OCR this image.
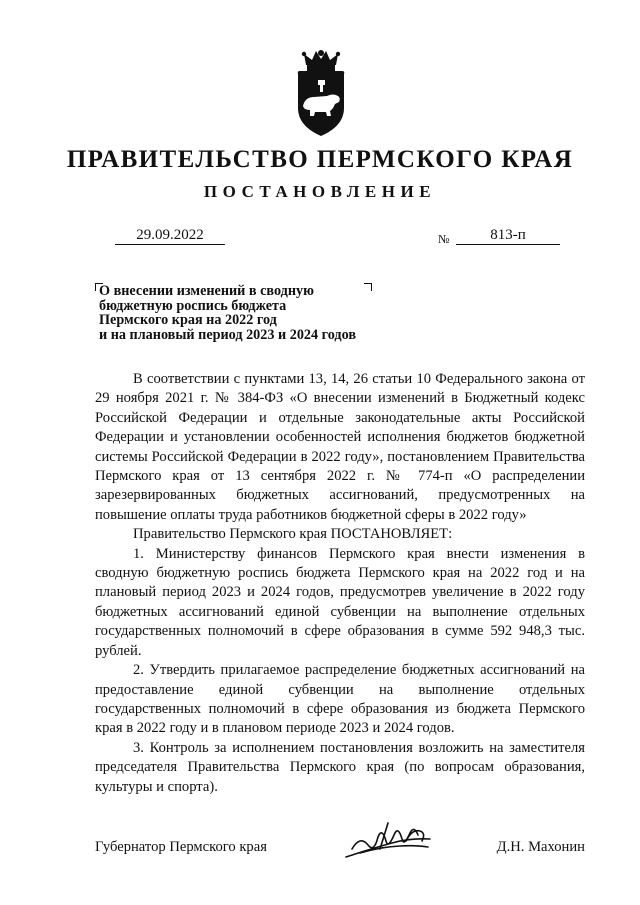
ПРАВИТЕЛЬСТВО ПЕРМСКОГО КРАЯ
ПОСТАНОВЛЕНИЕ
29.09.2022	№	813-п
О внесении изменений в сводную
бюджетную роспись бюджета
Пермского края на 2022 год
и на плановый период 2023 и 2024 годов

В соответствии с пунктами 13, 14, 26 статьи 10 Федерального закона от 29 ноября 2021 г. № 384-ФЗ «О внесении изменений в Бюджетный кодекс Российской Федерации и отдельные законодательные акты Российской Федерации и установлении особенностей исполнения бюджетов бюджетной системы Российской Федерации в 2022 году», постановлением Правительства Пермского края от 13 сентября 2022 г. № 774-п «О распределении зарезервированных бюджетных ассигнований, предусмотренных на повышение оплаты труда работников бюджетной сферы в 2022 году»

Правительство Пермского края ПОСТАНОВЛЯЕТ:

1. Министерству финансов Пермского края внести изменения в сводную бюджетную роспись бюджета Пермского края на 2022 год и на плановый период 2023 и 2024 годов, предусмотрев увеличение в 2022 году бюджетных ассигнований единой субвенции на выполнение отдельных государственных полномочий в сфере образования в сумме 592 948,3 тыс. рублей.

2. Утвердить прилагаемое распределение бюджетных ассигнований на предоставление единой субвенции на выполнение отдельных государственных полномочий в сфере образования из бюджета Пермского края в 2022 году и в плановом периоде 2023 и 2024 годов.

3. Контроль за исполнением постановления возложить на заместителя председателя Правительства Пермского края (по вопросам образования, культуры и спорта).

Губернатор Пермского края	Д.Н. Махонин
